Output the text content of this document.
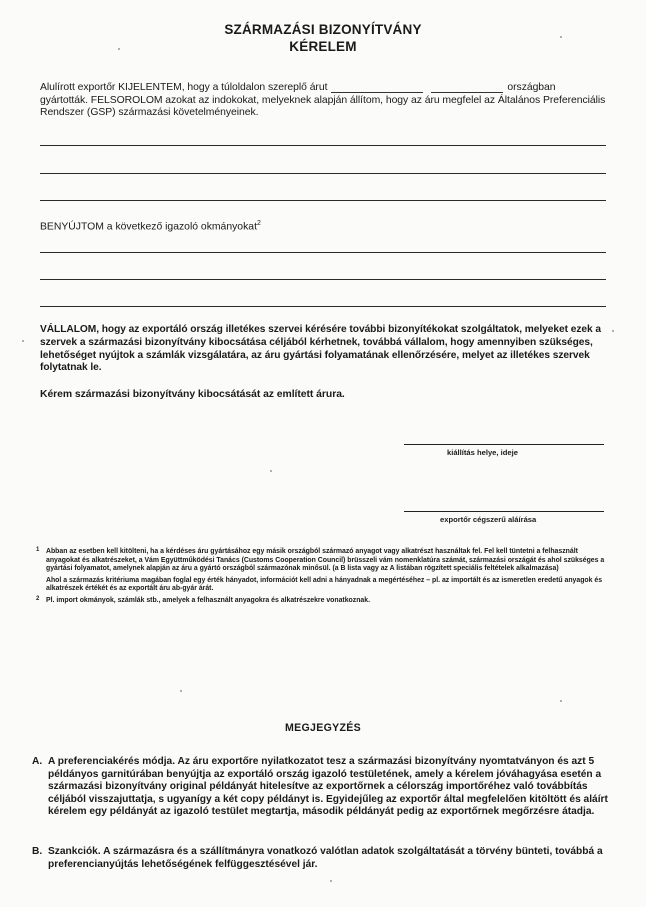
SZÁRMAZÁSI BIZONYÍTVÁNY
KÉRELEM
Alulírott exportőr KIJELENTEM, hogy a túloldalon szereplő árut	országban
gyártották. FELSOROLOM azokat az indokokat, melyeknek alapján állítom, hogy az áru megfelel az Általános Preferenciális Rendszer (GSP) származási követelményeinek.
BENYÚJTOM a következő igazoló okmányokat$^2$
VÁLLALOM, hogy az exportáló ország illetékes szervei kérésére további bizonyítékokat szolgáltatok, melyeket ezek a szervek a származási bizonyítvány kibocsátása céljából kérhetnek, továbbá vállalom, hogy amennyiben szükséges, lehetőséget nyújtok a számlák vizsgálatára, az áru gyártási folyamatának ellenőrzésére, melyet az illetékes szervek folytatnak le.
Kérem származási bizonyítvány kibocsátását az említett árura.
kiállítás helye, ideje
exportőr cégszerű aláírása
1 Abban az esetben kell kitölteni, ha a kérdéses áru gyártásához egy másik országból származó anyagot vagy alkatrészt használtak fel. Fel kell tüntetni a felhasznált anyagokat és alkatrészeket, a Vám Együttműködési Tanács (Customs Cooperation Council) brüsszeli vám nomenklatúra számát, származási országát és ahol szükséges a gyártási folyamatot, amelynek alapján az áru a gyártó országból származónak minősül. (a B lista vagy az A listában rögzített speciális feltételek alkalmazása)
Ahol a származás kritériuma magában foglal egy érték hányadot, információt kell adni a hányadnak a megértéséhez – pl. az importált és az ismeretlen eredetű anyagok és alkatrészek értékét és az exportált áru ab-gyár árát.
2 Pl. import okmányok, számlák stb., amelyek a felhasznált anyagokra és alkatrészekre vonatkoznak.
MEGJEGYZÉS
A. A preferenciakérés módja. Az áru exportőre nyilatkozatot tesz a származási bizonyítvány nyomtatványon és azt 5 példányos garnitúrában benyújtja az exportáló ország igazoló testületének, amely a kérelem jóváhagyása esetén a származási bizonyítvány original példányát hitelesítve az exportőrnek a célország importőréhez való továbbítás céljából visszajuttatja, s ugyanígy a két copy példányt is. Egyidejűleg az exportőr által megfelelően kitöltött és aláírt kérelem egy példányát az igazoló testület megtartja, második példányát pedig az exportőrnek megőrzésre átadja.
B. Szankciók. A származásra és a szállítmányra vonatkozó valótlan adatok szolgáltatását a törvény bünteti, továbbá a preferencianyújtás lehetőségének felfüggesztésével jár.
